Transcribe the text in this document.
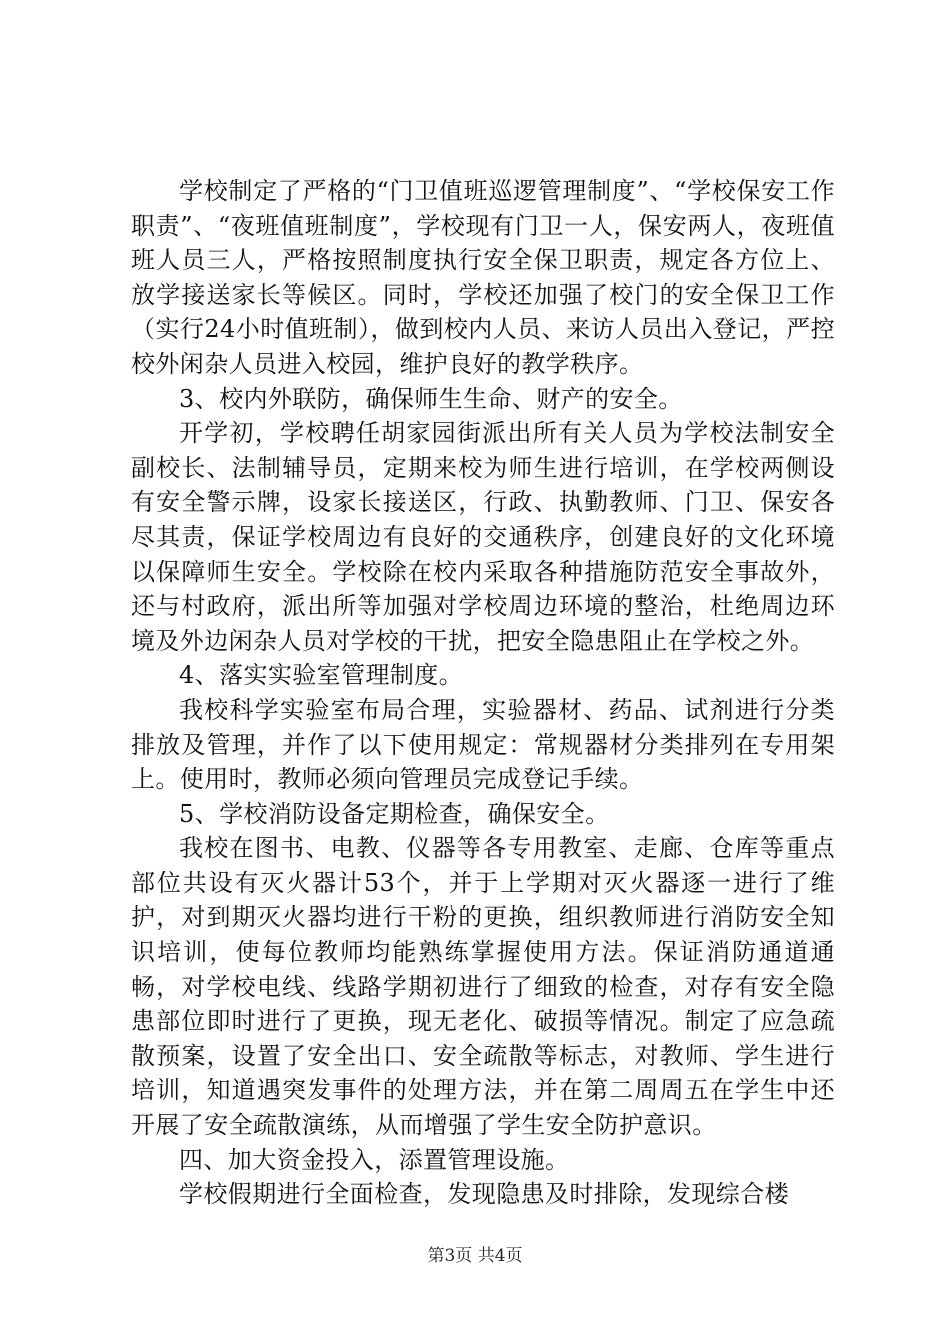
学校制定了严格的“门卫值班巡逻管理制度”、“学校保安工作职责”、“夜班值班制度”，学校现有门卫一人，保安两人，夜班值班人员三人，严格按照制度执行安全保卫职责，规定各方位上、放学接送家长等候区。同时，学校还加强了校门的安全保卫工作（实行24小时值班制），做到校内人员、来访人员出入登记，严控校外闲杂人员进入校园，维护良好的教学秩序。

3、校内外联防，确保师生生命、财产的安全。

开学初，学校聘任胡家园街派出所有关人员为学校法制安全副校长、法制辅导员，定期来校为师生进行培训，在学校两侧设有安全警示牌，设家长接送区，行政、执勤教师、门卫、保安各尽其责，保证学校周边有良好的交通秩序，创建良好的文化环境以保障师生安全。学校除在校内采取各种措施防范安全事故外，还与村政府，派出所等加强对学校周边环境的整治，杜绝周边环境及外边闲杂人员对学校的干扰，把安全隐患阻止在学校之外。

4、落实实验室管理制度。

我校科学实验室布局合理，实验器材、药品、试剂进行分类排放及管理，并作了以下使用规定：常规器材分类排列在专用架上。使用时，教师必须向管理员完成登记手续。

5、学校消防设备定期检查，确保安全。

我校在图书、电教、仪器等各专用教室、走廊、仓库等重点部位共设有灭火器计53个，并于上学期对灭火器逐一进行了维护，对到期灭火器均进行干粉的更换，组织教师进行消防安全知识培训，使每位教师均能熟练掌握使用方法。保证消防通道通畅，对学校电线、线路学期初进行了细致的检查，对存有安全隐患部位即时进行了更换，现无老化、破损等情况。制定了应急疏散预案，设置了安全出口、安全疏散等标志，对教师、学生进行培训，知道遇突发事件的处理方法，并在第二周周五在学生中还开展了安全疏散演练，从而增强了学生安全防护意识。

四、加大资金投入，添置管理设施。

学校假期进行全面检查，发现隐患及时排除，发现综合楼

第3页 共4页
